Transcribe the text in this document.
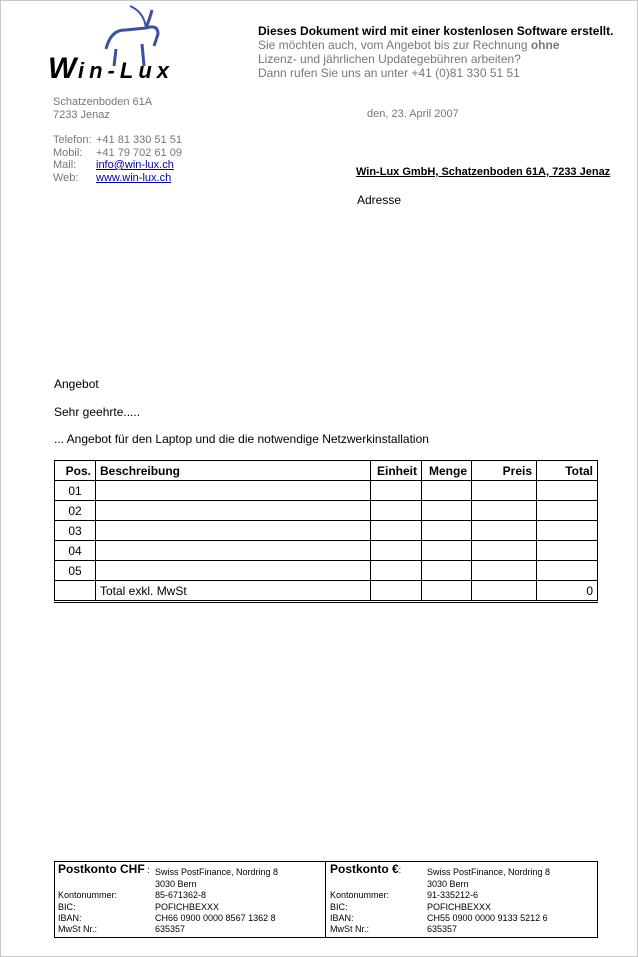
W in-Lux
Dieses Dokument wird mit einer kostenlosen Software erstellt.
Sie möchten auch, vom Angebot bis zur Rechnung ohne
Lizenz- und jährlichen Updategebühren arbeiten?
Dann rufen Sie uns an unter +41 (0)81 330 51 51
Schatzenboden 61A
7233 Jenaz
Telefon: +41 81 330 51 51
Mobil: +41 79 702 61 09
Mail: info@win-lux.ch
Web: www.win-lux.ch
den, 23. April 2007
Win-Lux GmbH, Schatzenboden 61A, 7233 Jenaz
Adresse
Angebot
Sehr geehrte.....
... Angebot für den Laptop und die die notwendige Netzwerkinstallation
Pos.	Beschreibung	Einheit	Menge	Preis	Total
01					
02					
03					
04					
05					
	Total exkl. MwSt				0
Postkonto CHF : Swiss PostFinance, Nordring 8
3030 Bern
Kontonummer:	85-671362-8
BIC:	POFICHBEXXX
IBAN:	CH66 0900 0000 8567 1362 8
MwSt Nr.:	635357
Postkonto €:	Swiss PostFinance, Nordring 8
3030 Bern
Kontonummer:	91-335212-6
BIC:	POFICHBEXXX
IBAN:	CH55 0900 0000 9133 5212 6
MwSt Nr.:	635357
